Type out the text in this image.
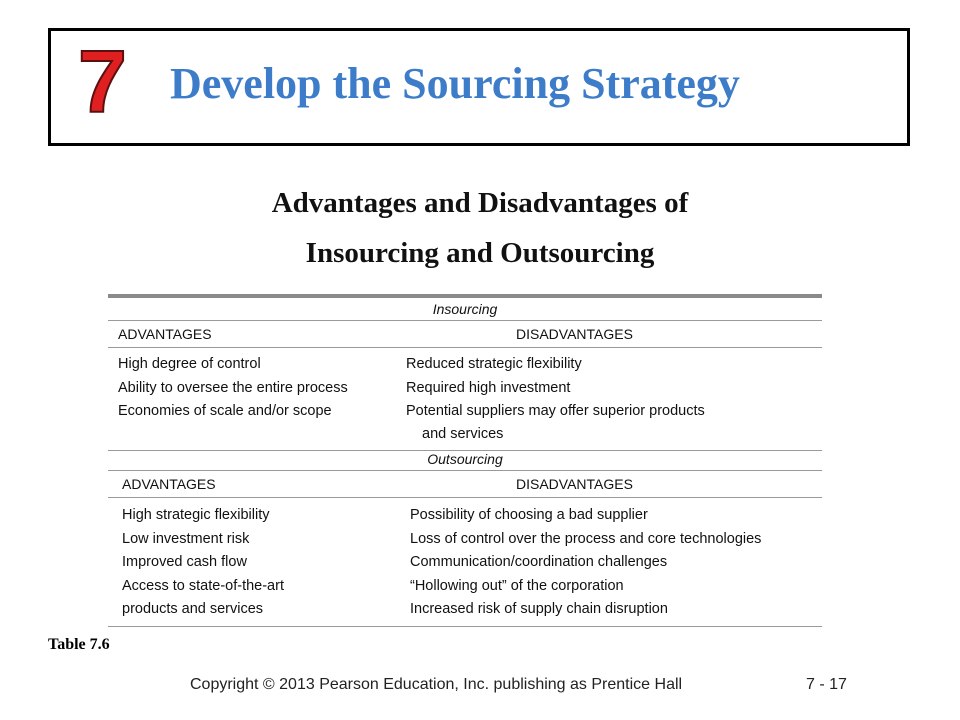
7 Develop the Sourcing Strategy
Advantages and Disadvantages of
Insourcing and Outsourcing
Insourcing
ADVANTAGES	DISADVANTAGES
High degree of control	Reduced strategic flexibility
Ability to oversee the entire process	Required high investment
Economies of scale and/or scope	Potential suppliers may offer superior products
and services
Outsourcing
ADVANTAGES	DISADVANTAGES
High strategic flexibility	Possibility of choosing a bad supplier
Low investment risk	Loss of control over the process and core technologies
Improved cash flow	Communication/coordination challenges
Access to state-of-the-art	“Hollowing out” of the corporation
products and services	Increased risk of supply chain disruption
Table 7.6
Copyright © 2013 Pearson Education, Inc. publishing as Prentice Hall	7 - 17
